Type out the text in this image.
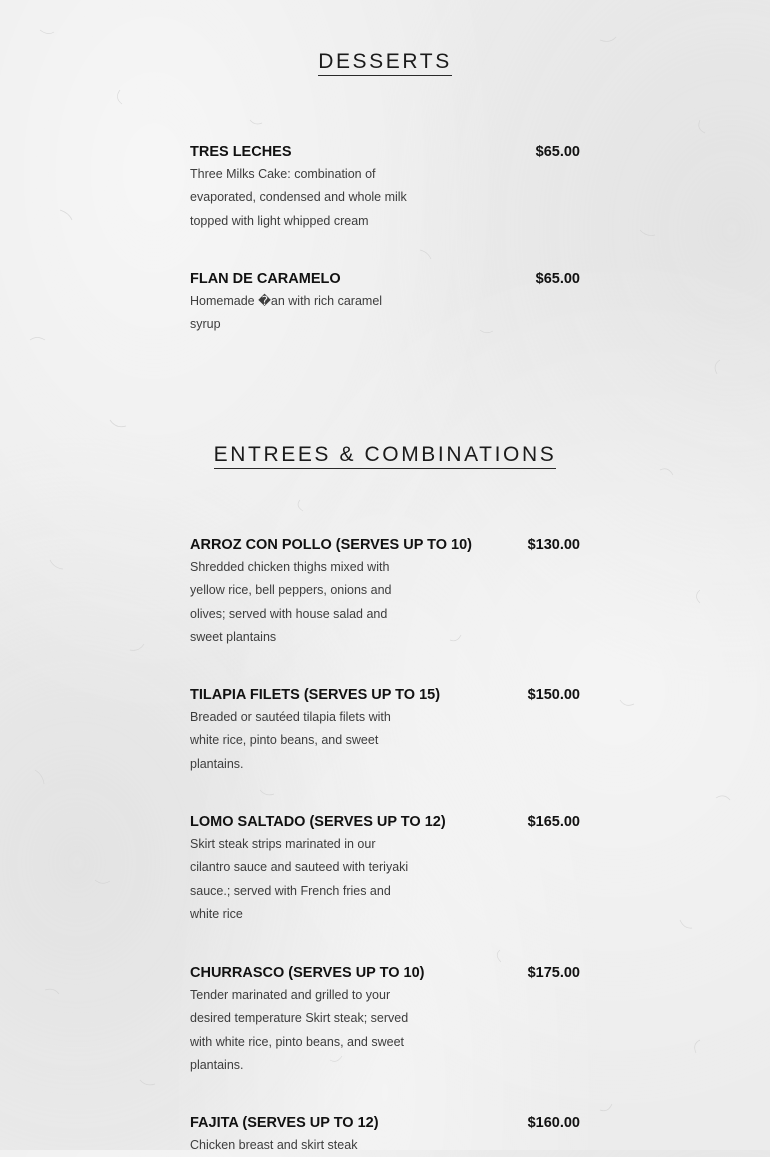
DESSERTS
TRES LECHES	$65.00
Three Milks Cake: combination of evaporated, condensed and whole milk topped with light whipped cream
FLAN DE CARAMELO	$65.00
Homemade �an with rich caramel syrup
ENTREES & COMBINATIONS
ARROZ CON POLLO (SERVES UP TO 10)	$130.00
Shredded chicken thighs mixed with yellow rice, bell peppers, onions and olives; served with house salad and sweet plantains
TILAPIA FILETS (SERVES UP TO 15)	$150.00
Breaded or sautéed tilapia filets with white rice, pinto beans, and sweet plantains.
LOMO SALTADO (SERVES UP TO 12)	$165.00
Skirt steak strips marinated in our cilantro sauce and sauteed with teriyaki sauce.; served with French fries and white rice
CHURRASCO (SERVES UP TO 10)	$175.00
Tender marinated and grilled to your desired temperature Skirt steak; served with white rice, pinto beans, and sweet plantains.
FAJITA (SERVES UP TO 12)	$160.00
Chicken breast and skirt steak
